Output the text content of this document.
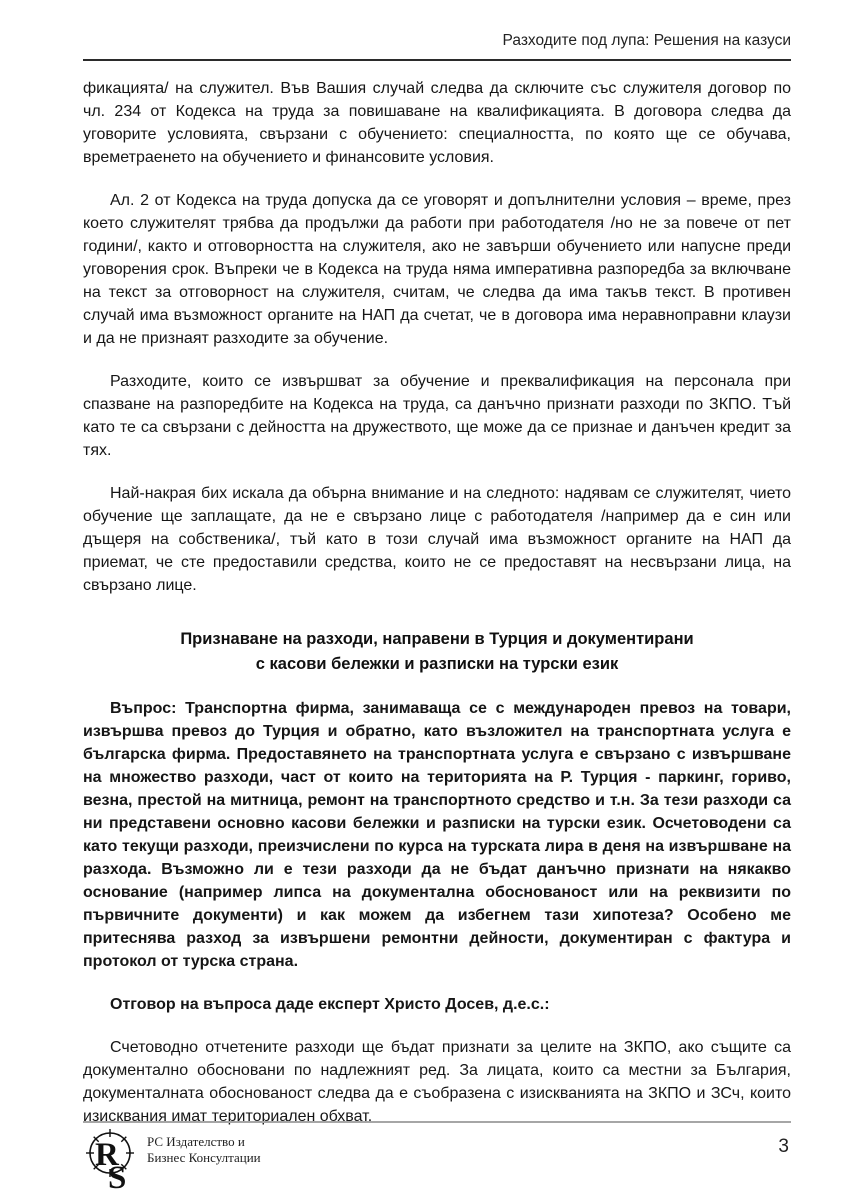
Разходите под лупа: Решения на казуси

фикацията/ на служител. Във Вашия случай следва да сключите със служителя договор по чл. 234 от Кодекса на труда за повишаване на квалификацията. В договора следва да уговорите условията, свързани с обучението: специалността, по която ще се обучава, времетраенето на обучението и финансовите условия.

Ал. 2 от Кодекса на труда допуска да се уговорят и допълнителни условия – време, през което служителят трябва да продължи да работи при работодателя /но не за повече от пет години/, както и отговорността на служителя, ако не завърши обучението или напусне преди уговорения срок. Въпреки че в Кодекса на труда няма императивна разпоредба за включване на текст за отговорност на служителя, считам, че следва да има такъв текст. В противен случай има възможност органите на НАП да счетат, че в договора има неравноправни клаузи и да не признаят разходите за обучение.

Разходите, които се извършват за обучение и преквалификация на персонала при спазване на разпоредбите на Кодекса на труда, са данъчно признати разходи по ЗКПО. Тъй като те са свързани с дейността на дружеството, ще може да се признае и данъчен кредит за тях.

Най-накрая бих искала да обърна внимание и на следното: надявам се служителят, чието обучение ще заплащате, да не е свързано лице с работодателя /например да е син или дъщеря на собственика/, тъй като в този случай има възможност органите на НАП да приемат, че сте предоставили средства, които не се предоставят на несвързани лица, на свързано лице.

Признаване на разходи, направени в Турция и документирани
с касови бележки и разписки на турски език

Въпрос: Транспортна фирма, занимаваща се с международен превоз на товари, извършва превоз до Турция и обратно, като възложител на транспортната услуга е българска фирма. Предоставянето на транспортната услуга е свързано с извършване на множество разходи, част от които на територията на Р. Турция - паркинг, гориво, везна, престой на митница, ремонт на транспортното средство и т.н. За тези разходи са ни представени основно касови бележки и разписки на турски език. Осчетоводени са като текущи разходи, преизчислени по курса на турската лира в деня на извършване на разхода. Възможно ли е тези разходи да не бъдат данъчно признати на някакво основание (например липса на документална обоснованост или на реквизити по първичните документи) и как можем да избегнем тази хипотеза? Особено ме притеснява разход за извършени ремонтни дейности, документиран с фактура и протокол от турска страна.

Отговор на въпроса даде експерт Христо Досев, д.е.с.:

Счетоводно отчетените разходи ще бъдат признати за целите на ЗКПО, ако същите са документално обосновани по надлежният ред. За лицата, които са местни за България, документалната обоснованост следва да е съобразена с изискванията на ЗКПО и ЗСч, които изисквания имат териториален обхват.

R
S
РС Издателство и
Бизнес Консултации
3
